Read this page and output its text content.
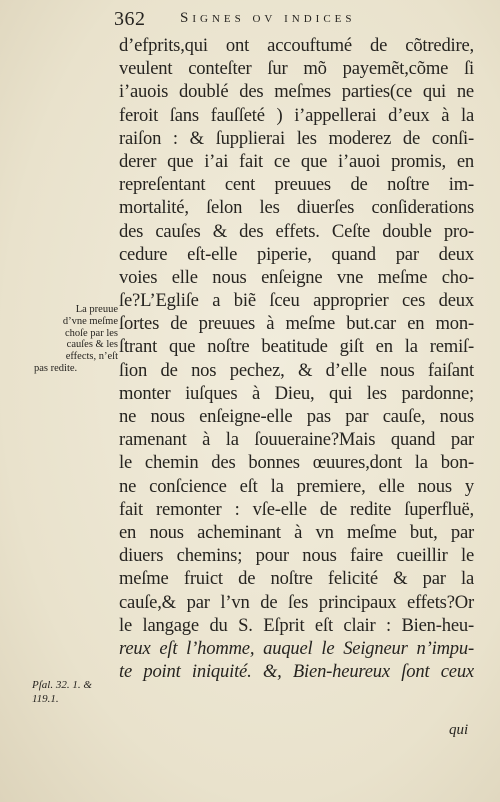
362 Signes ov indices
d’efprits,qui ont accouftumé de cõtredire,
veulent conteſter ſur mõ payemẽt,cõme ſi
i’auois doublé des meſmes parties(ce qui ne
feroit ſans fauſſeté ) i’appellerai d’eux à la
raiſon : & ſupplierai les moderez de conſi-
derer que i’ai fait ce que i’auoi promis, en
repreſentant cent preuues de noſtre im-
mortalité, ſelon les diuerſes conſiderations
des cauſes & des effets. Ceſte double pro-
cedure eſt-elle piperie, quand par deux
voies elle nous enſeigne vne meſme cho-
ſe?L’Egliſe a biẽ ſceu approprier ces deux
ſortes de preuues à meſme but.car en mon-
ſtrant que noſtre beatitude giſt en la remiſ-
ſion de nos pechez, & d’elle nous faiſant
monter iuſques à Dieu, qui les pardonne;
ne nous enſeigne-elle pas par cauſe, nous
ramenant à la ſouueraine?Mais quand par
le chemin des bonnes œuures,dont la bon-
ne conſcience eſt la premiere, elle nous y
fait remonter : vſe-elle de redite ſuperfluë,
en nous acheminant à vn meſme but, par
diuers chemins; pour nous faire cueillir le
meſme fruict de noſtre felicité & par la
cauſe,& par l’vn de ſes principaux effets?Or
le langage du S. Eſprit eſt clair : Bien-heu-
reux eſt l’homme, auquel le Seigneur n’impu-
te point iniquité. &, Bien-heureux ſont ceux
qui
La preuue
d’vne meſme
choſe par les
cauſes & les
effects, n’eſt
pas redite.
Pſal. 32. 1. &
119.1.
